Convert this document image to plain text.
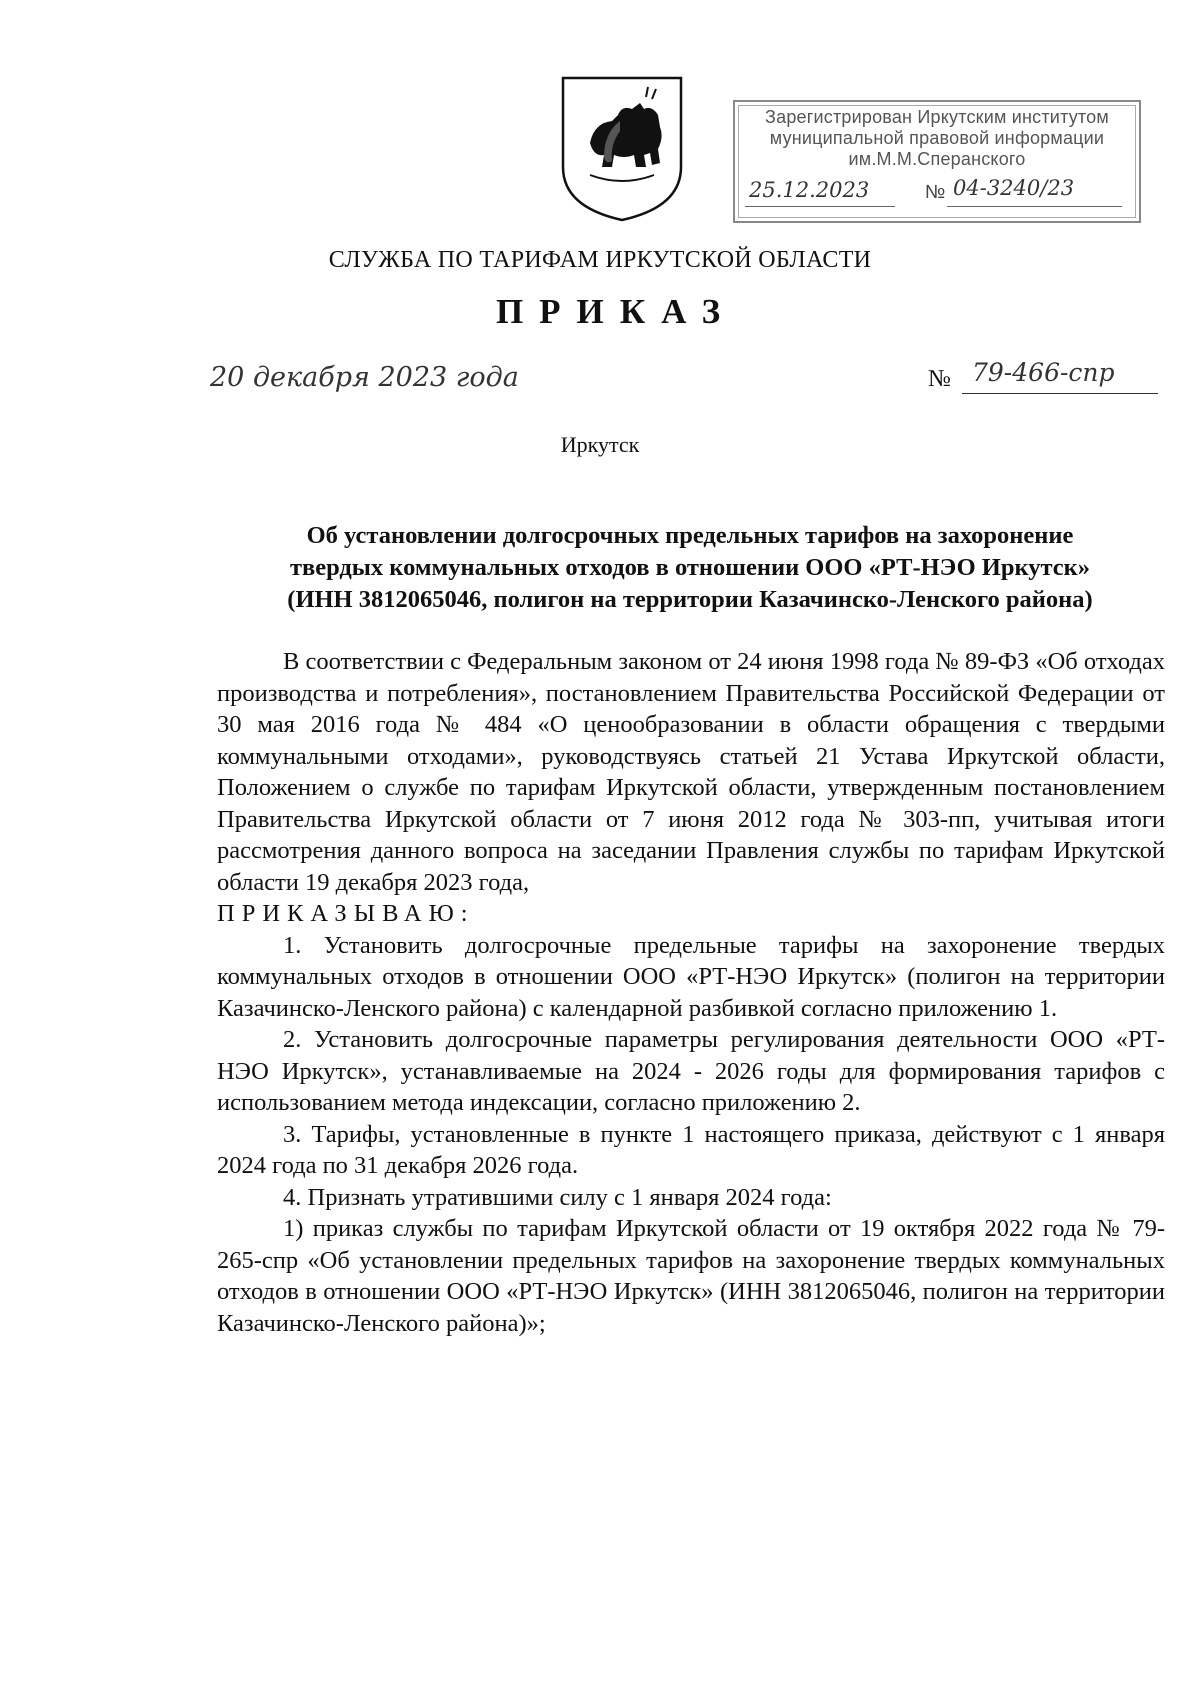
Зарегистрирован Иркутским институтом
муниципальной правовой информации
им.М.М.Сперанского
25.12.2023	№ 04-3240/23
СЛУЖБА ПО ТАРИФАМ ИРКУТСКОЙ ОБЛАСТИ
ПРИКАЗ
20 декабря 2023 года	№ 79-466-спр
Иркутск
Об установлении долгосрочных предельных тарифов на захоронение
твердых коммунальных отходов в отношении ООО «РТ-НЭО Иркутск»
(ИНН 3812065046, полигон на территории Казачинско-Ленского района)

В соответствии с Федеральным законом от 24 июня 1998 года № 89-ФЗ «Об отходах производства и потребления», постановлением Правительства Российской Федерации от 30 мая 2016 года № 484 «О ценообразовании в области обращения с твердыми коммунальными отходами», руководствуясь статьей 21 Устава Иркутской области, Положением о службе по тарифам Иркутской области, утвержденным постановлением Правительства Иркутской области от 7 июня 2012 года № 303-пп, учитывая итоги рассмотрения данного вопроса на заседании Правления службы по тарифам Иркутской области 19 декабря 2023 года,

ПРИКАЗЫВАЮ:

1. Установить долгосрочные предельные тарифы на захоронение твердых коммунальных отходов в отношении ООО «РТ-НЭО Иркутск» (полигон на территории Казачинско-Ленского района) с календарной разбивкой согласно приложению 1.

2. Установить долгосрочные параметры регулирования деятельности ООО «РТ-НЭО Иркутск», устанавливаемые на 2024 - 2026 годы для формирования тарифов с использованием метода индексации, согласно приложению 2.

3. Тарифы, установленные в пункте 1 настоящего приказа, действуют с 1 января 2024 года по 31 декабря 2026 года.

4. Признать утратившими силу с 1 января 2024 года:

1) приказ службы по тарифам Иркутской области от 19 октября 2022 года № 79-265-спр «Об установлении предельных тарифов на захоронение твердых коммунальных отходов в отношении ООО «РТ-НЭО Иркутск» (ИНН 3812065046, полигон на территории Казачинско-Ленского района)»;
